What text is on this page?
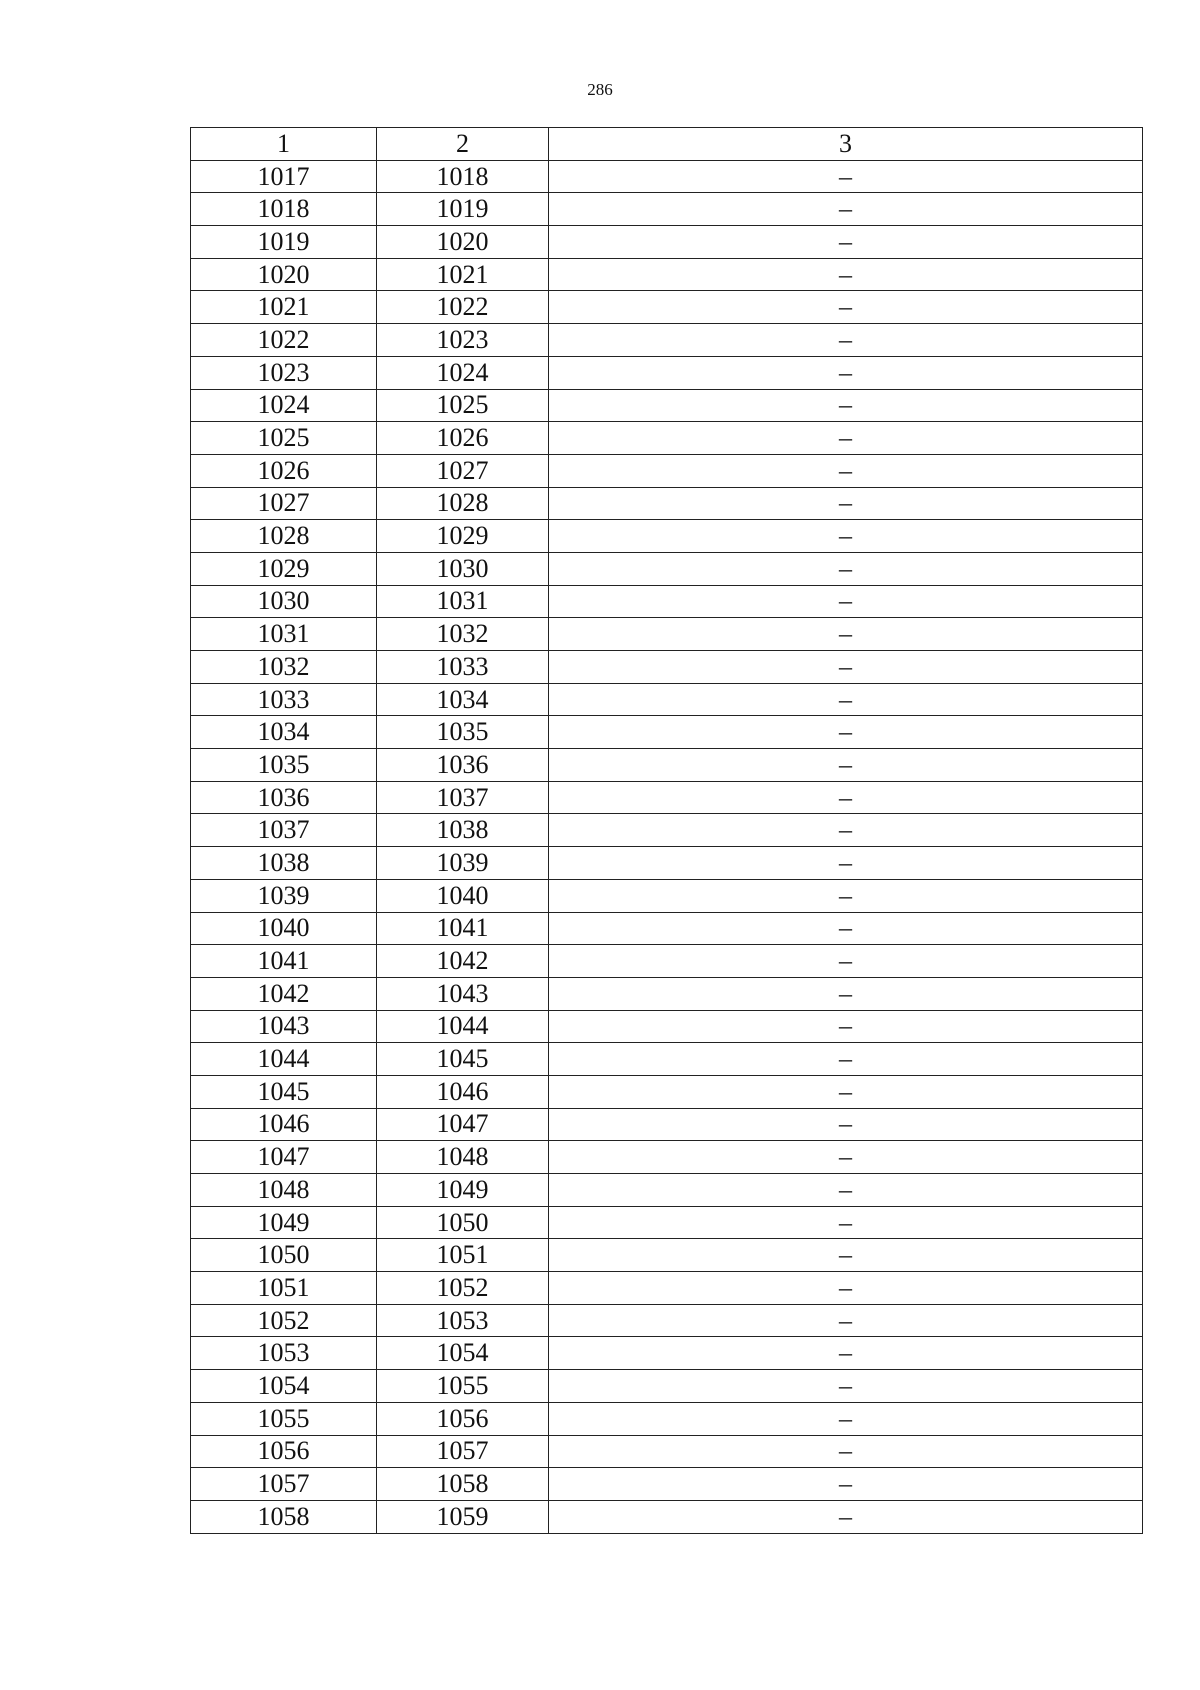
286
1	2	3
1017	1018	–
1018	1019	–
1019	1020	–
1020	1021	–
1021	1022	–
1022	1023	–
1023	1024	–
1024	1025	–
1025	1026	–
1026	1027	–
1027	1028	–
1028	1029	–
1029	1030	–
1030	1031	–
1031	1032	–
1032	1033	–
1033	1034	–
1034	1035	–
1035	1036	–
1036	1037	–
1037	1038	–
1038	1039	–
1039	1040	–
1040	1041	–
1041	1042	–
1042	1043	–
1043	1044	–
1044	1045	–
1045	1046	–
1046	1047	–
1047	1048	–
1048	1049	–
1049	1050	–
1050	1051	–
1051	1052	–
1052	1053	–
1053	1054	–
1054	1055	–
1055	1056	–
1056	1057	–
1057	1058	–
1058	1059	–
